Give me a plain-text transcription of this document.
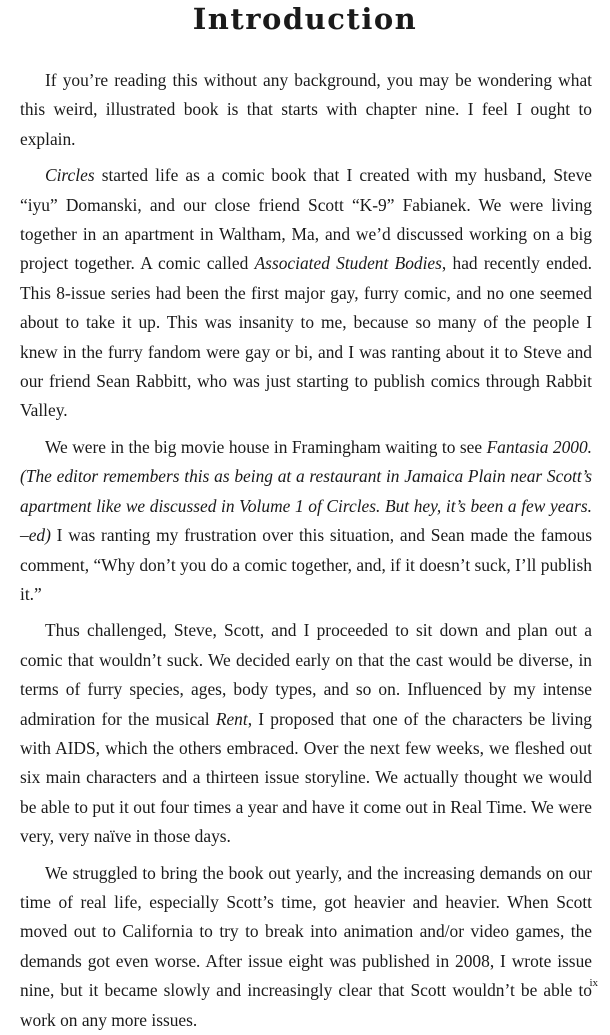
Introduction

If you’re reading this without any background, you may be wondering what this weird, illustrated book is that starts with chapter nine. I feel I ought to explain.

Circles started life as a comic book that I created with my husband, Steve “iyu” Domanski, and our close friend Scott “K-9” Fabianek. We were living together in an apartment in Waltham, Ma, and we’d discussed working on a big project together. A comic called Associated Student Bodies, had recently ended. This 8-issue series had been the first major gay, furry comic, and no one seemed about to take it up. This was insanity to me, because so many of the people I knew in the furry fandom were gay or bi, and I was ranting about it to Steve and our friend Sean Rabbitt, who was just starting to publish comics through Rabbit Valley.

We were in the big movie house in Framingham waiting to see Fantasia 2000. (The editor remembers this as being at a restaurant in Jamaica Plain near Scott’s apartment like we discussed in Volume 1 of Circles. But hey, it’s been a few years. –ed) I was ranting my frustration over this situation, and Sean made the famous comment, “Why don’t you do a comic together, and, if it doesn’t suck, I’ll publish it.”

Thus challenged, Steve, Scott, and I proceeded to sit down and plan out a comic that wouldn’t suck. We decided early on that the cast would be diverse, in terms of furry species, ages, body types, and so on. Influenced by my intense admiration for the musical Rent, I proposed that one of the characters be living with AIDS, which the others embraced. Over the next few weeks, we fleshed out six main characters and a thirteen issue storyline. We actually thought we would be able to put it out four times a year and have it come out in Real Time. We were very, very naïve in those days.

We struggled to bring the book out yearly, and the increasing demands on our time of real life, especially Scott’s time, got heavier and heavier. When Scott moved out to California to try to break into animation and/or video games, the demands got even worse. After issue eight was published in 2008, I wrote issue nine, but it became slowly and increasingly clear that Scott wouldn’t be able to work on any more issues.

ix
